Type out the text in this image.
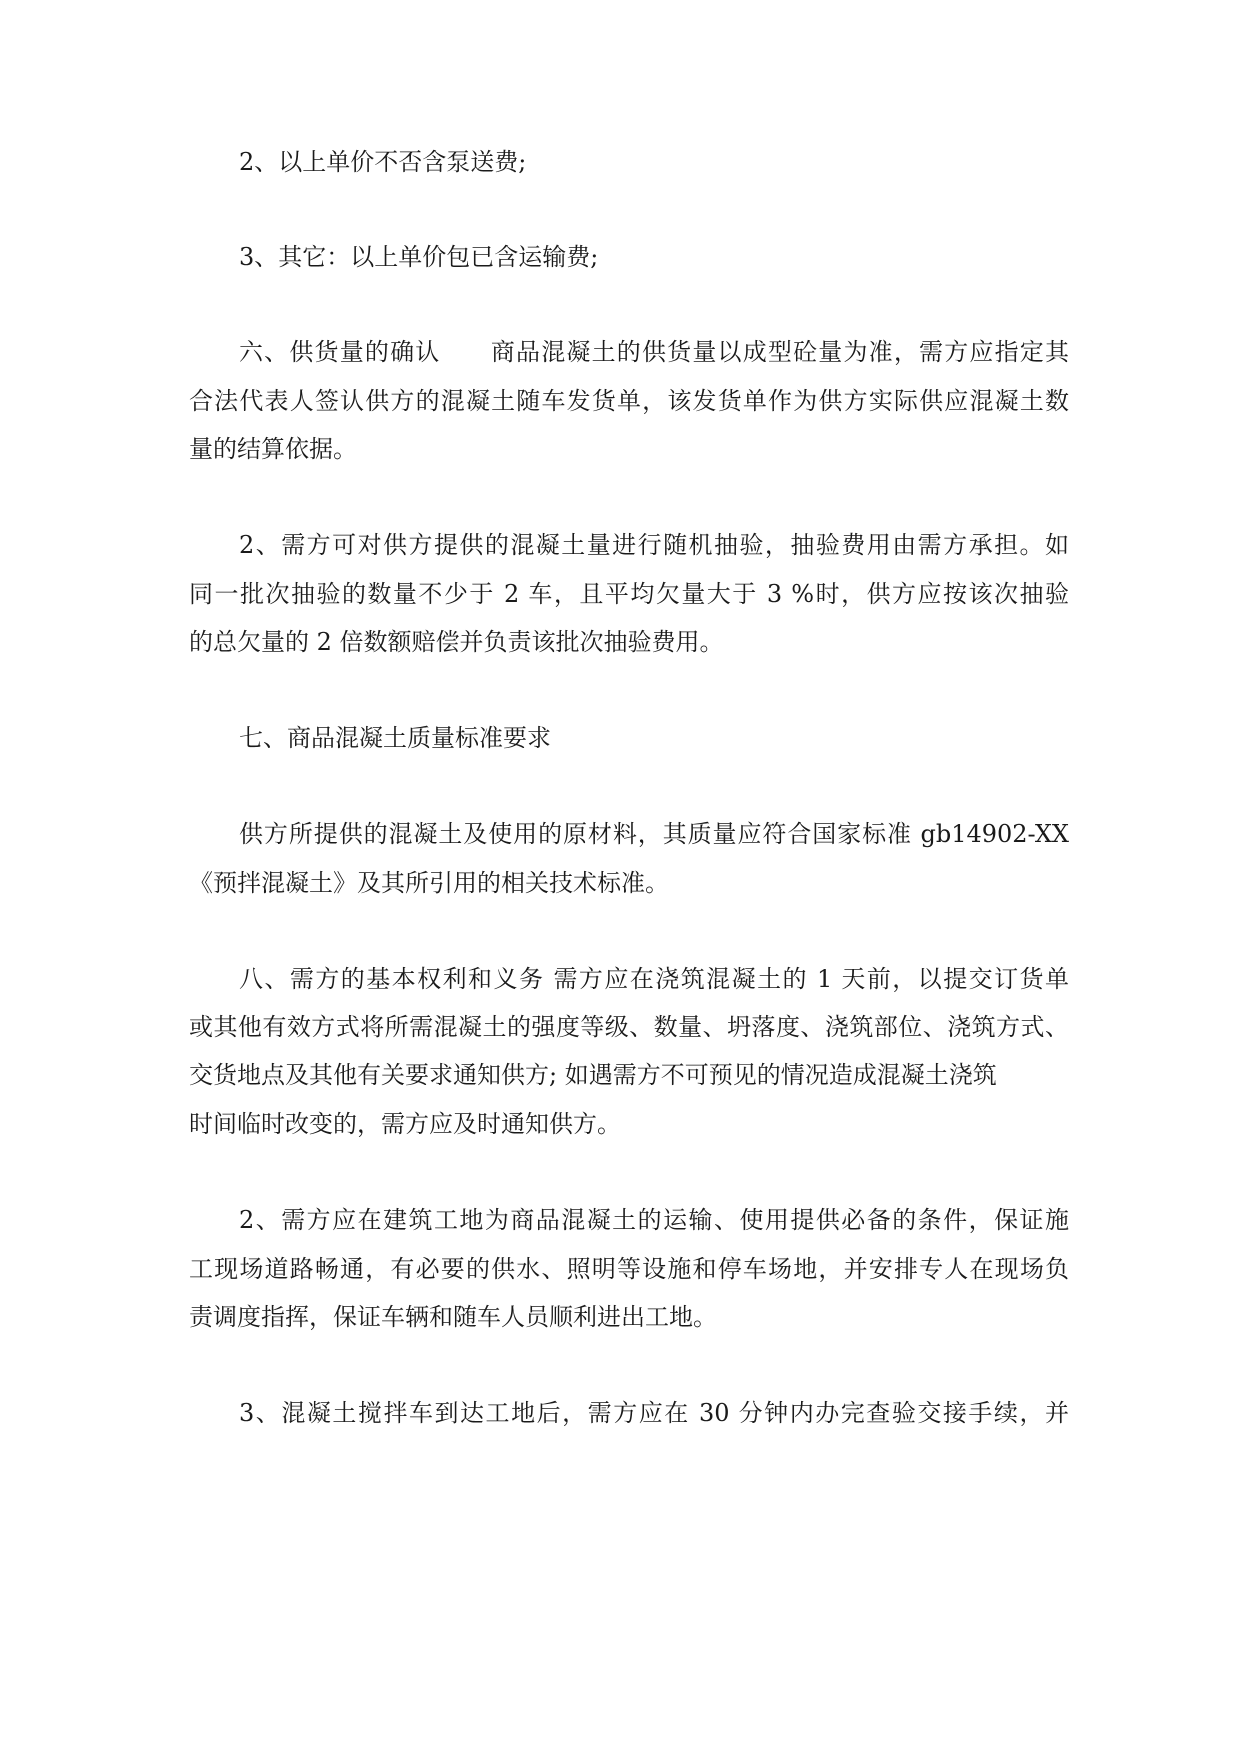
2、以上单价不否含泵送费;
3、其它：以上单价包已含运输费;
六、供货量的确认　　商品混凝土的供货量以成型砼量为准，需方应指定其
合法代表人签认供方的混凝土随车发货单，该发货单作为供方实际供应混凝土数
量的结算依据。
2、需方可对供方提供的混凝土量进行随机抽验，抽验费用由需方承担。如
同一批次抽验的数量不少于 2 车，且平均欠量大于 3 %时，供方应按该次抽验
的总欠量的 2 倍数额赔偿并负责该批次抽验费用。
七、商品混凝土质量标准要求
供方所提供的混凝土及使用的原材料，其质量应符合国家标准 gb14902-XX
《预拌混凝土》及其所引用的相关技术标准。
八、需方的基本权利和义务 需方应在浇筑混凝土的 1 天前，以提交订货单
或其他有效方式将所需混凝土的强度等级、数量、坍落度、浇筑部位、浇筑方式、
交货地点及其他有关要求通知供方; 如遇需方不可预见的情况造成混凝土浇筑
时间临时改变的，需方应及时通知供方。
2、需方应在建筑工地为商品混凝土的运输、使用提供必备的条件，保证施
工现场道路畅通，有必要的供水、照明等设施和停车场地，并安排专人在现场负
责调度指挥，保证车辆和随车人员顺利进出工地。
3、混凝土搅拌车到达工地后，需方应在 30 分钟内办完查验交接手续，并
